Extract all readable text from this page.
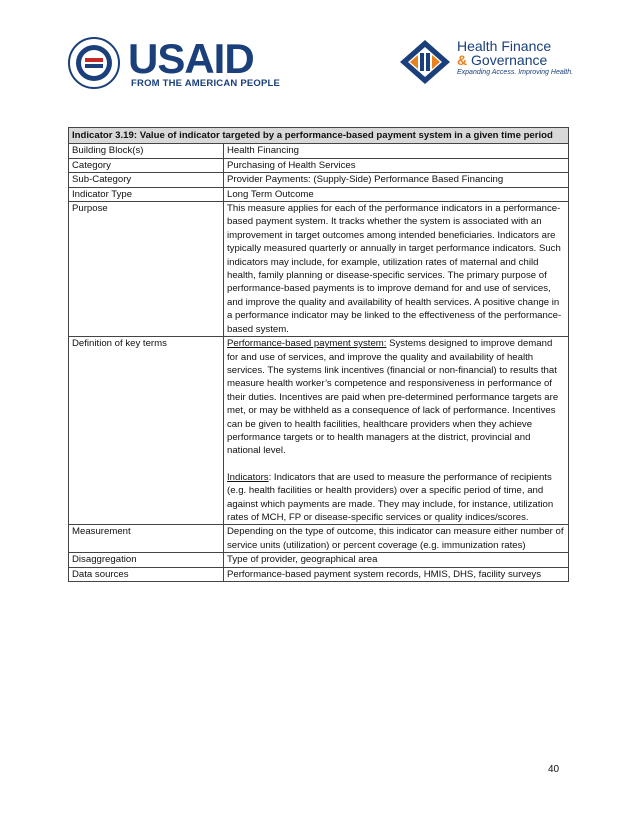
USAID
FROM THE AMERICAN PEOPLE
Health Finance
& Governance
Expanding Access. Improving Health.
Indicator 3.19: Value of indicator targeted by a performance-based payment system in a given time period	
Building Block(s)	Health Financing
Category	Purchasing of Health Services
Sub-Category	Provider Payments: (Supply-Side) Performance Based Financing
Indicator Type	Long Term Outcome
Purpose	This measure applies for each of the performance indicators in a performance-based payment system. It tracks whether the system is associated with an improvement in target outcomes among intended beneficiaries. Indicators are typically measured quarterly or annually in target performance indicators. Such indicators may include, for example, utilization rates of maternal and child health, family planning or disease-specific services. The primary purpose of performance-based payments is to improve demand for and use of services, and improve the quality and availability of health services. A positive change in a performance indicator may be linked to the effectiveness of the performance-based system.
Definition of key terms	Performance-based payment system: Systems designed to improve demand for and use of services, and improve the quality and availability of health services. The systems link incentives (financial or non-financial) to results that measure health worker’s competence and responsiveness in performance of their duties. Incentives are paid when pre-determined performance targets are met, or may be withheld as a consequence of lack of performance. Incentives can be given to health facilities, healthcare providers when they achieve performance targets or to health managers at the district, provincial and national level.
Indicators: Indicators that are used to measure the performance of recipients (e.g. health facilities or health providers) over a specific period of time, and against which payments are made. They may include, for instance, utilization rates of MCH, FP or disease-specific services or quality indices/scores.

Measurement	Depending on the type of outcome, this indicator can measure either number of service units (utilization) or percent coverage (e.g. immunization rates)
Disaggregation	Type of provider, geographical area
Data sources	Performance-based payment system records, HMIS, DHS, facility surveys
40
